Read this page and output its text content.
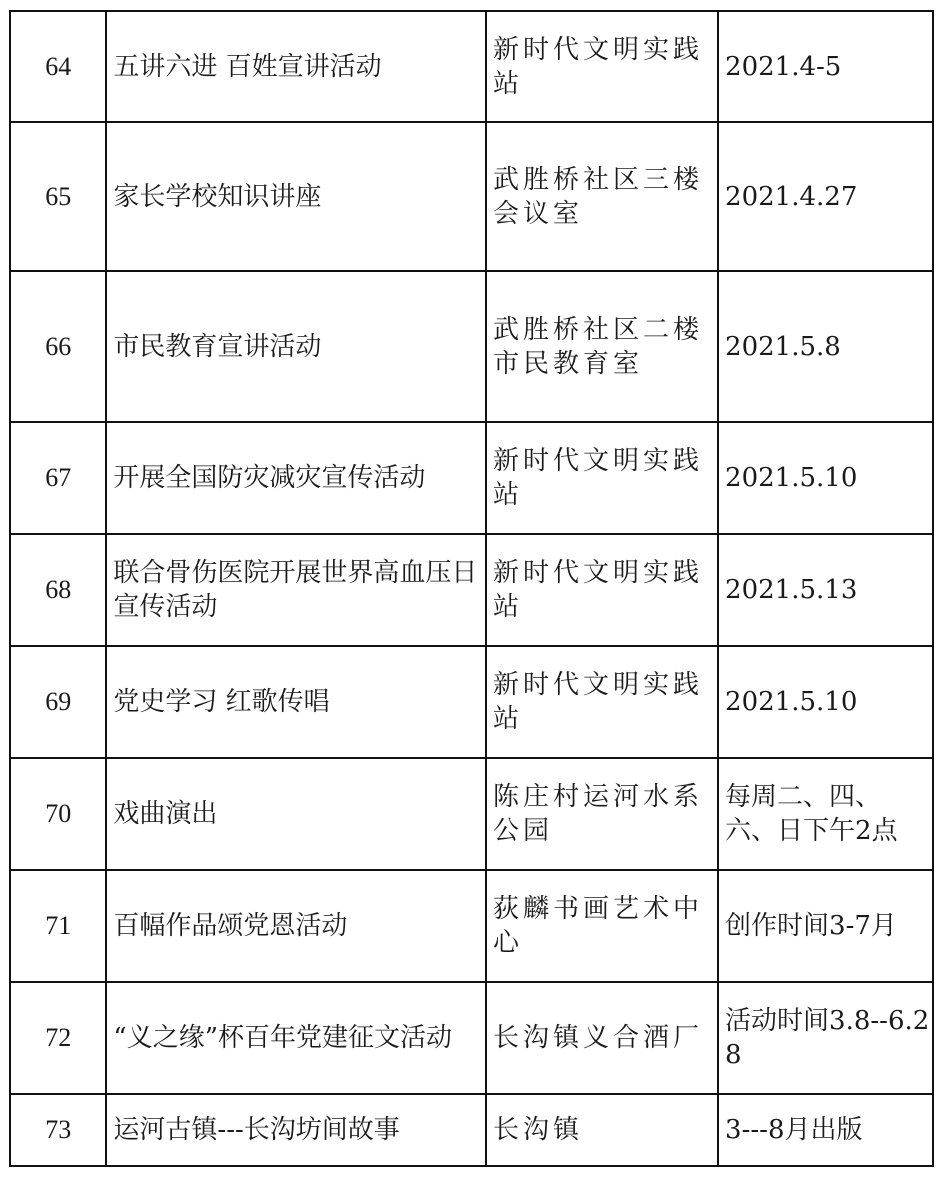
64	五讲六进 百姓宣讲活动	新时代文明实践站	2021.4-5
65	家长学校知识讲座	武胜桥社区三楼会议室	2021.4.27
66	市民教育宣讲活动	武胜桥社区二楼市民教育室	2021.5.8
67	开展全国防灾减灾宣传活动	新时代文明实践站	2021.5.10
68	联合骨伤医院开展世界高血压日宣传活动	新时代文明实践站	2021.5.13
69	党史学习 红歌传唱	新时代文明实践站	2021.5.10
70	戏曲演出	陈庄村运河水系公园	每周二、四、六、日下午2点
71	百幅作品颂党恩活动	荻麟书画艺术中心	创作时间3-7月
72	“义之缘”杯百年党建征文活动	长沟镇义合酒厂	活动时间3.8--6.28
73	运河古镇---长沟坊间故事	长沟镇	3---8月出版
